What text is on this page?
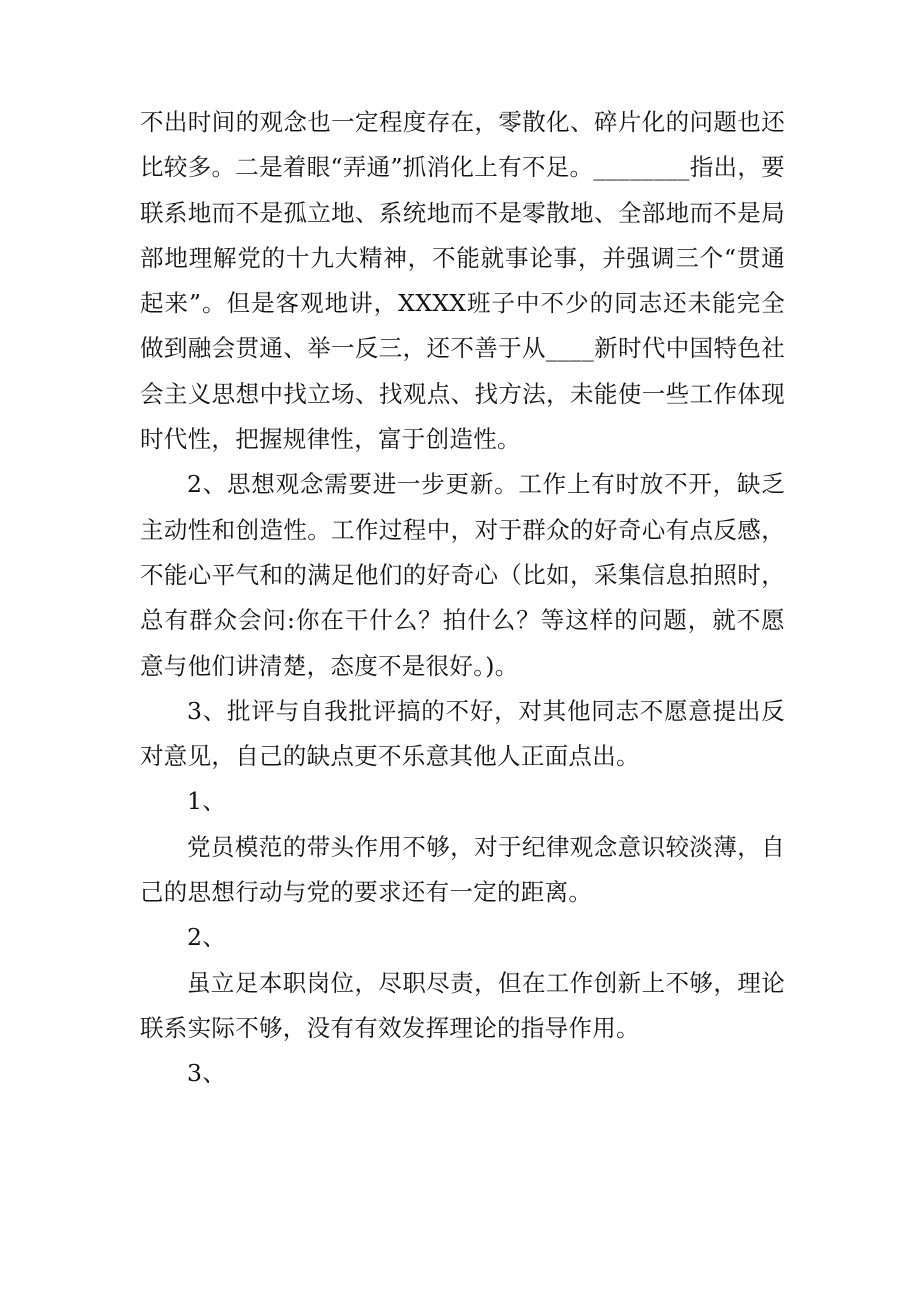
不出时间的观念也一定程度存在，零散化、碎片化的问题也还比较多。二是着眼“弄通”抓消化上有不足。________指出，要联系地而不是孤立地、系统地而不是零散地、全部地而不是局部地理解党的十九大精神，不能就事论事，并强调三个“贯通起来”。但是客观地讲，XXXX班子中不少的同志还未能完全做到融会贯通、举一反三，还不善于从____新时代中国特色社会主义思想中找立场、找观点、找方法，未能使一些工作体现时代性，把握规律性，富于创造性。

2、思想观念需要进一步更新。工作上有时放不开，缺乏主动性和创造性。工作过程中，对于群众的好奇心有点反感，不能心平气和的满足他们的好奇心（比如，采集信息拍照时，总有群众会问:你在干什么？拍什么？等这样的问题，就不愿意与他们讲清楚，态度不是很好。)。

3、批评与自我批评搞的不好，对其他同志不愿意提出反对意见，自己的缺点更不乐意其他人正面点出。

1、

党员模范的带头作用不够，对于纪律观念意识较淡薄，自己的思想行动与党的要求还有一定的距离。

2、

虽立足本职岗位，尽职尽责，但在工作创新上不够，理论联系实际不够，没有有效发挥理论的指导作用。

3、
